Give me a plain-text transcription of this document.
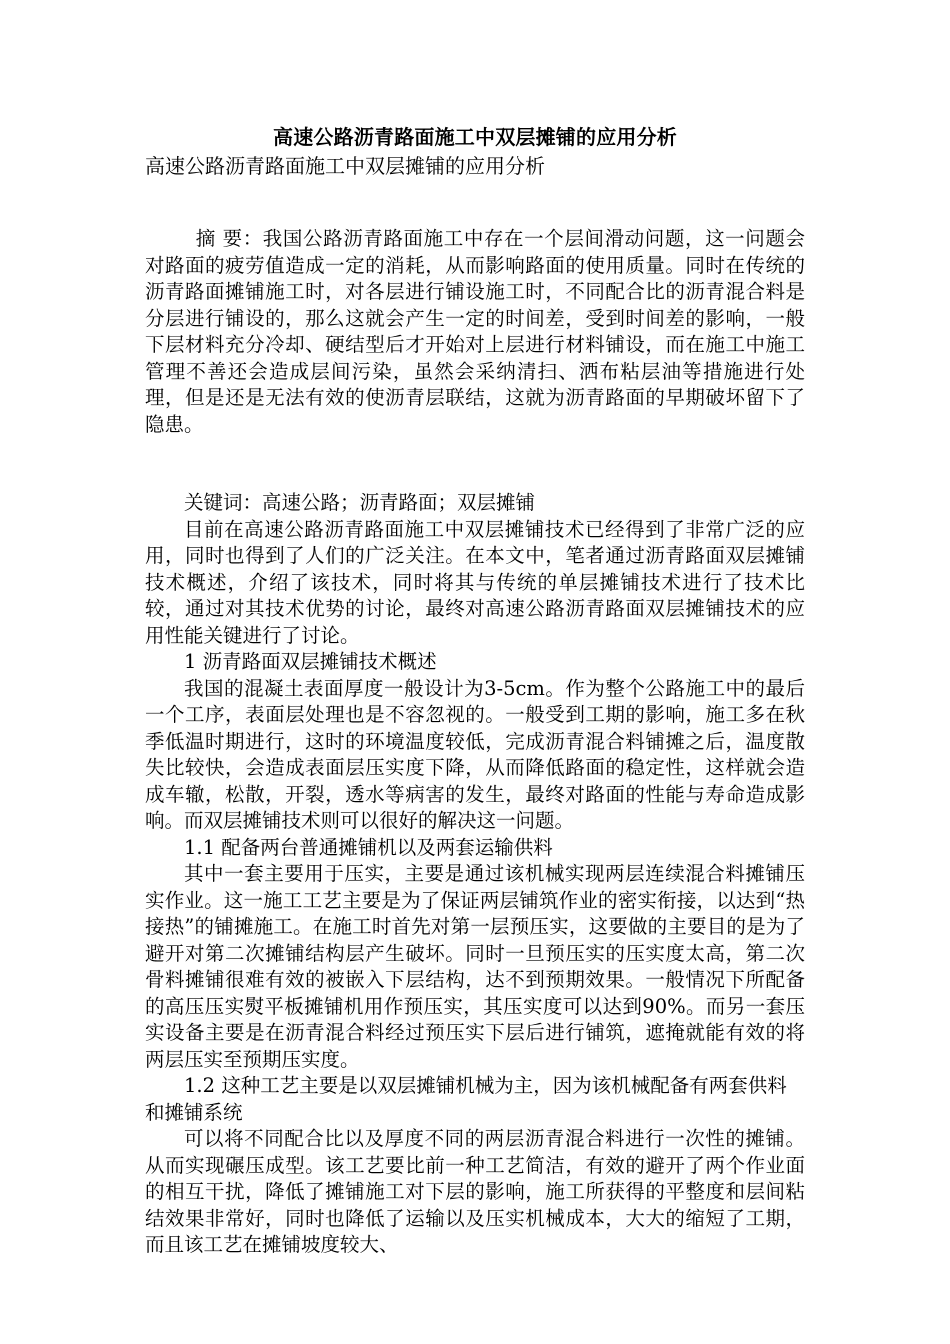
高速公路沥青路面施工中双层摊铺的应用分析

高速公路沥青路面施工中双层摊铺的应用分析

摘 要：我国公路沥青路面施工中存在一个层间滑动问题，这一问题会对路面的疲劳值造成一定的消耗，从而影响路面的使用质量。同时在传统的沥青路面摊铺施工时，对各层进行铺设施工时，不同配合比的沥青混合料是分层进行铺设的，那么这就会产生一定的时间差，受到时间差的影响，一般下层材料充分冷却、硬结型后才开始对上层进行材料铺设，而在施工中施工管理不善还会造成层间污染，虽然会采纳清扫、洒布粘层油等措施进行处理，但是还是无法有效的使沥青层联结，这就为沥青路面的早期破坏留下了隐患。

关键词：高速公路；沥青路面；双层摊铺

目前在高速公路沥青路面施工中双层摊铺技术已经得到了非常广泛的应用，同时也得到了人们的广泛关注。在本文中，笔者通过沥青路面双层摊铺技术概述，介绍了该技术，同时将其与传统的单层摊铺技术进行了技术比较，通过对其技术优势的讨论，最终对高速公路沥青路面双层摊铺技术的应用性能关键进行了讨论。

1 沥青路面双层摊铺技术概述

我国的混凝土表面厚度一般设计为3-5cm。作为整个公路施工中的最后一个工序，表面层处理也是不容忽视的。一般受到工期的影响，施工多在秋季低温时期进行，这时的环境温度较低，完成沥青混合料铺摊之后，温度散失比较快，会造成表面层压实度下降，从而降低路面的稳定性，这样就会造成车辙，松散，开裂，透水等病害的发生，最终对路面的性能与寿命造成影响。而双层摊铺技术则可以很好的解决这一问题。

1.1 配备两台普通摊铺机以及两套运输供料

其中一套主要用于压实，主要是通过该机械实现两层连续混合料摊铺压实作业。这一施工工艺主要是为了保证两层铺筑作业的密实衔接，以达到“热接热”的铺摊施工。在施工时首先对第一层预压实，这要做的主要目的是为了避开对第二次摊铺结构层产生破坏。同时一旦预压实的压实度太高，第二次骨料摊铺很难有效的被嵌入下层结构，达不到预期效果。一般情况下所配备的高压压实熨平板摊铺机用作预压实，其压实度可以达到90%。而另一套压实设备主要是在沥青混合料经过预压实下层后进行铺筑，遮掩就能有效的将两层压实至预期压实度。

1.2 这种工艺主要是以双层摊铺机械为主，因为该机械配备有两套供料和摊铺系统

可以将不同配合比以及厚度不同的两层沥青混合料进行一次性的摊铺。从而实现碾压成型。该工艺要比前一种工艺简洁，有效的避开了两个作业面的相互干扰，降低了摊铺施工对下层的影响，施工所获得的平整度和层间粘结效果非常好，同时也降低了运输以及压实机械成本，大大的缩短了工期，而且该工艺在摊铺坡度较大、
